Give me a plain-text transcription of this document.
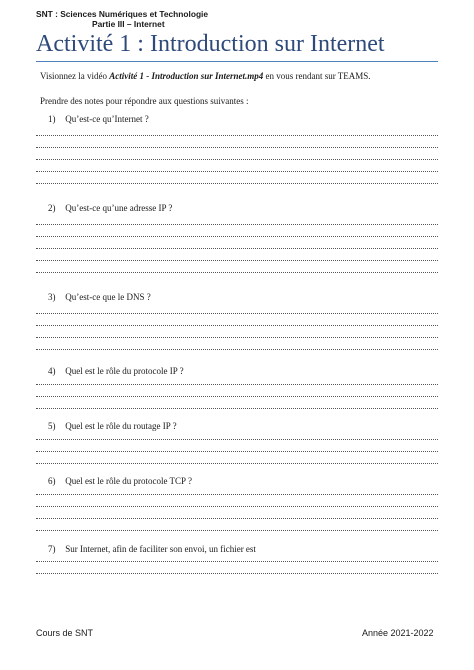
SNT : Sciences Numériques et Technologie
Partie III – Internet
Activité 1 : Introduction sur Internet
Visionnez la vidéo Activité 1 - Introduction sur Internet.mp4 en vous rendant sur TEAMS.
Prendre des notes pour répondre aux questions suivantes :
1) Qu’est-ce qu’Internet ?
2) Qu’est-ce qu’une adresse IP ?
3) Qu’est-ce que le DNS ?
4) Quel est le rôle du protocole IP ?
5) Quel est le rôle du routage IP ?
6) Quel est le rôle du protocole TCP ?
7) Sur Internet, afin de faciliter son envoi, un fichier est
Cours de SNT	Année 2021-2022
